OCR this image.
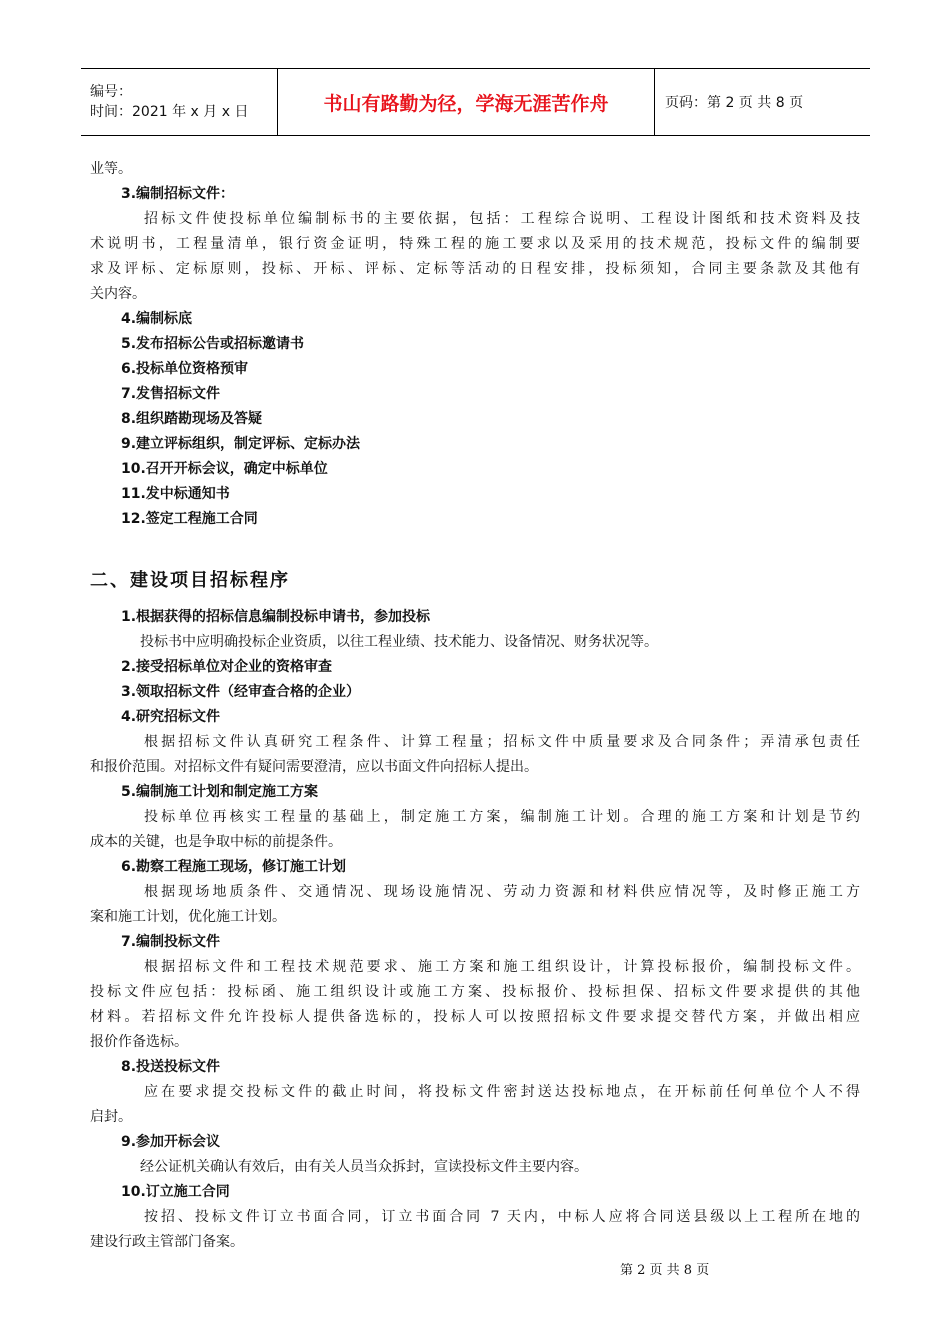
编号：
时间：2021 年 x 月 x 日	书山有路勤为径，学海无涯苦作舟	页码：第 2 页 共 8 页
业等。
3.编制招标文件：
招标文件使投标单位编制标书的主要依据，包括：工程综合说明、工程设计图纸和技术资料及技
术说明书，工程量清单，银行资金证明，特殊工程的施工要求以及采用的技术规范，投标文件的编制要
求及评标、定标原则，投标、开标、评标、定标等活动的日程安排，投标须知，合同主要条款及其他有
关内容。
4.编制标底
5.发布招标公告或招标邀请书
6.投标单位资格预审
7.发售招标文件
8.组织踏勘现场及答疑
9.建立评标组织，制定评标、定标办法
10.召开开标会议，确定中标单位
11.发中标通知书
12.签定工程施工合同
二、建设项目招标程序
1.根据获得的招标信息编制投标申请书，参加投标
投标书中应明确投标企业资质，以往工程业绩、技术能力、设备情况、财务状况等。
2.接受招标单位对企业的资格审查
3.领取招标文件（经审查合格的企业）
4.研究招标文件
根据招标文件认真研究工程条件、计算工程量；招标文件中质量要求及合同条件；弄清承包责任
和报价范围。对招标文件有疑问需要澄清，应以书面文件向招标人提出。
5.编制施工计划和制定施工方案
投标单位再核实工程量的基础上，制定施工方案，编制施工计划。合理的施工方案和计划是节约
成本的关键，也是争取中标的前提条件。
6.勘察工程施工现场，修订施工计划
根据现场地质条件、交通情况、现场设施情况、劳动力资源和材料供应情况等，及时修正施工方
案和施工计划，优化施工计划。
7.编制投标文件
根据招标文件和工程技术规范要求、施工方案和施工组织设计，计算投标报价，编制投标文件。
投标文件应包括：投标函、施工组织设计或施工方案、投标报价、投标担保、招标文件要求提供的其他
材料。若招标文件允许投标人提供备选标的，投标人可以按照招标文件要求提交替代方案，并做出相应
报价作备选标。
8.投送投标文件
应在要求提交投标文件的截止时间，将投标文件密封送达投标地点，在开标前任何单位个人不得
启封。
9.参加开标会议
经公证机关确认有效后，由有关人员当众拆封，宣读投标文件主要内容。
10.订立施工合同
按招、投标文件订立书面合同，订立书面合同 7 天内，中标人应将合同送县级以上工程所在地的
建设行政主管部门备案。
第 2 页 共 8 页
